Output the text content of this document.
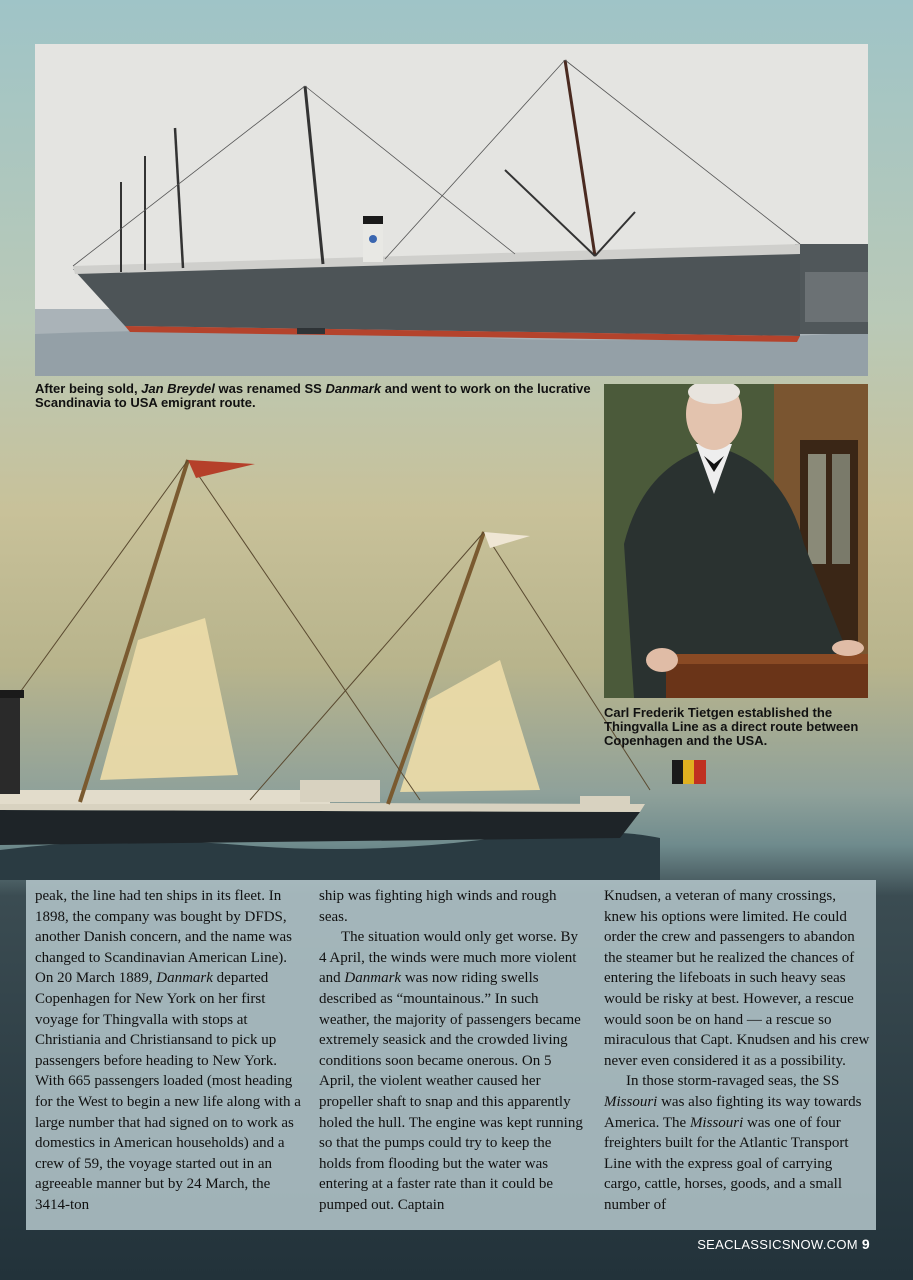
After being sold, Jan Breydel was renamed SS Danmark and went to work on the lucrative Scandinavia to USA emigrant route.
Carl Frederik Tietgen established the Thingvalla Line as a direct route between Copenhagen and the USA.

peak, the line had ten ships in its fleet. In 1898, the company was bought by DFDS, another Danish concern, and the name was changed to Scandinavian American Line). On 20 March 1889, Danmark departed Copenhagen for New York on her first voyage for Thingvalla with stops at Christiania and Christiansand to pick up passengers before heading to New York. With 665 passengers loaded (most heading for the West to begin a new life along with a large number that had signed on to work as domestics in American households) and a crew of 59, the voyage started out in an agreeable manner but by 24 March, the 3414-ton

ship was fighting high winds and rough seas.

The situation would only get worse. By 4 April, the winds were much more violent and Danmark was now riding swells described as “mountainous.” In such weather, the majority of passengers became extremely seasick and the crowded living conditions soon became onerous. On 5 April, the violent weather caused her propeller shaft to snap and this apparently holed the hull. The engine was kept running so that the pumps could try to keep the holds from flooding but the water was entering at a faster rate than it could be pumped out. Captain

Knudsen, a veteran of many crossings, knew his options were limited. He could order the crew and passengers to abandon the steamer but he realized the chances of entering the lifeboats in such heavy seas would be risky at best. However, a rescue would soon be on hand — a rescue so miraculous that Capt. Knudsen and his crew never even considered it as a possibility.

In those storm-ravaged seas, the SS Missouri was also fighting its way towards America. The Missouri was one of four freighters built for the Atlantic Transport Line with the express goal of carrying cargo, cattle, horses, goods, and a small number of

SEACLASSICSNOW.COM 9
